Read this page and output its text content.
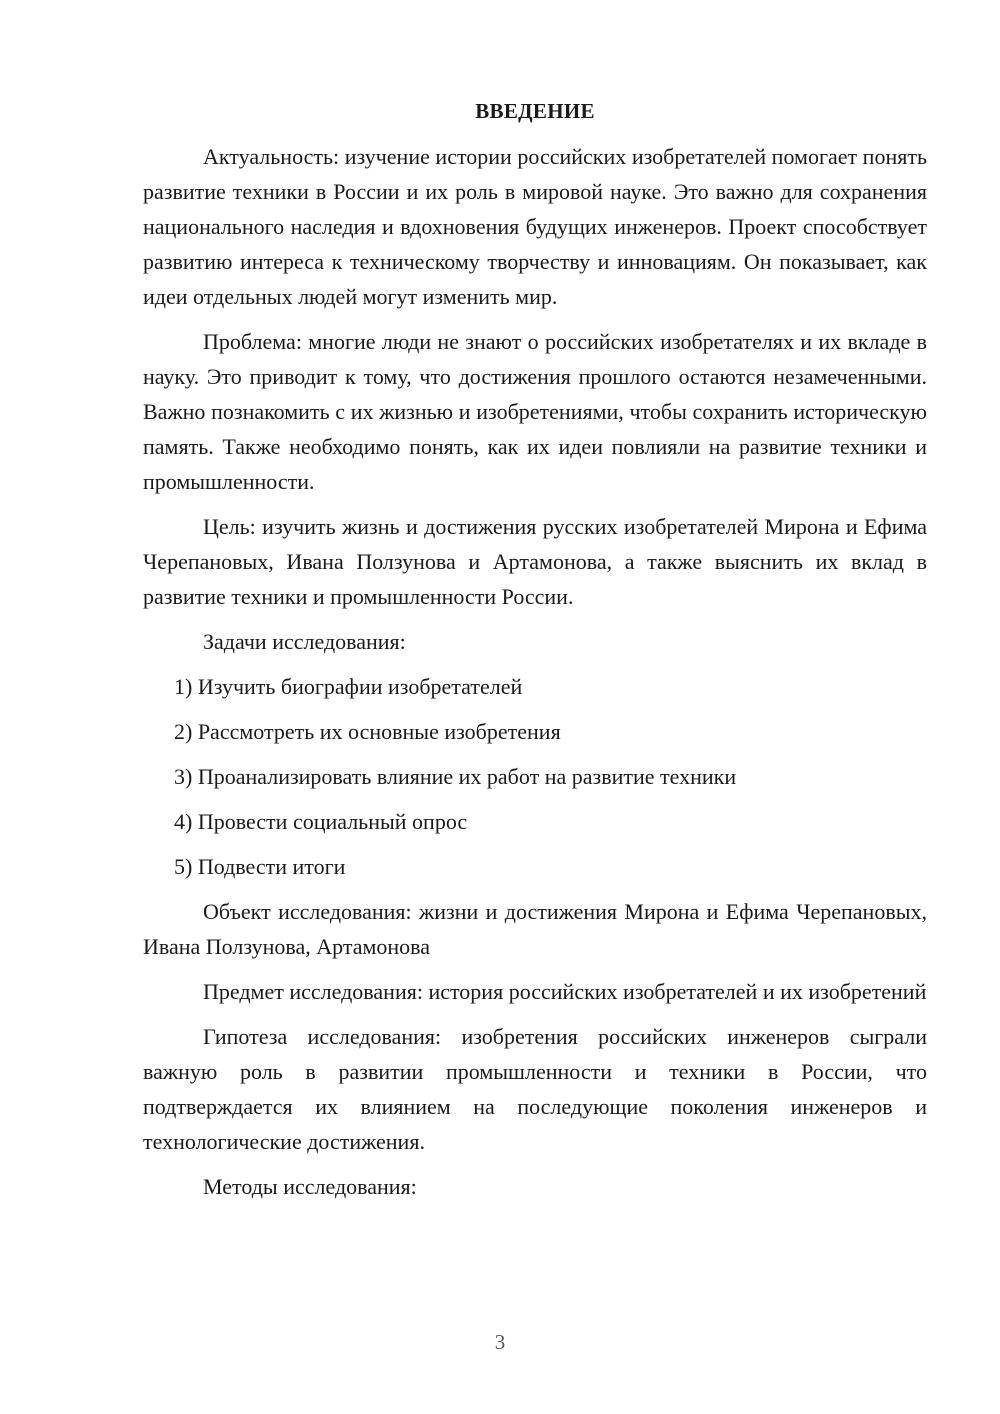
ВВЕДЕНИЕ

Актуальность: изучение истории российских изобретателей помогает понять развитие техники в России и их роль в мировой науке. Это важно для сохранения национального наследия и вдохновения будущих инженеров. Проект способствует развитию интереса к техническому творчеству и инновациям. Он показывает, как идеи отдельных людей могут изменить мир.

Проблема: многие люди не знают о российских изобретателях и их вкладе в науку. Это приводит к тому, что достижения прошлого остаются незамеченными. Важно познакомить с их жизнью и изобретениями, чтобы сохранить историческую память. Также необходимо понять, как их идеи повлияли на развитие техники и промышленности.

Цель: изучить жизнь и достижения русских изобретателей Мирона и Ефима Черепановых, Ивана Ползунова и Артамонова, а также выяснить их вклад в развитие техники и промышленности России.

Задачи исследования:

1) Изучить биографии изобретателей
2) Рассмотреть их основные изобретения
3) Проанализировать влияние их работ на развитие техники
4) Провести социальный опрос
5) Подвести итоги

Объект исследования: жизни и достижения Мирона и Ефима Черепановых, Ивана Ползунова, Артамонова

Предмет исследования: история российских изобретателей и их изобретений

Гипотеза исследования: изобретения российских инженеров сыграли важную роль в развитии промышленности и техники в России, что подтверждается их влиянием на последующие поколения инженеров и технологические достижения.

Методы исследования:

3
